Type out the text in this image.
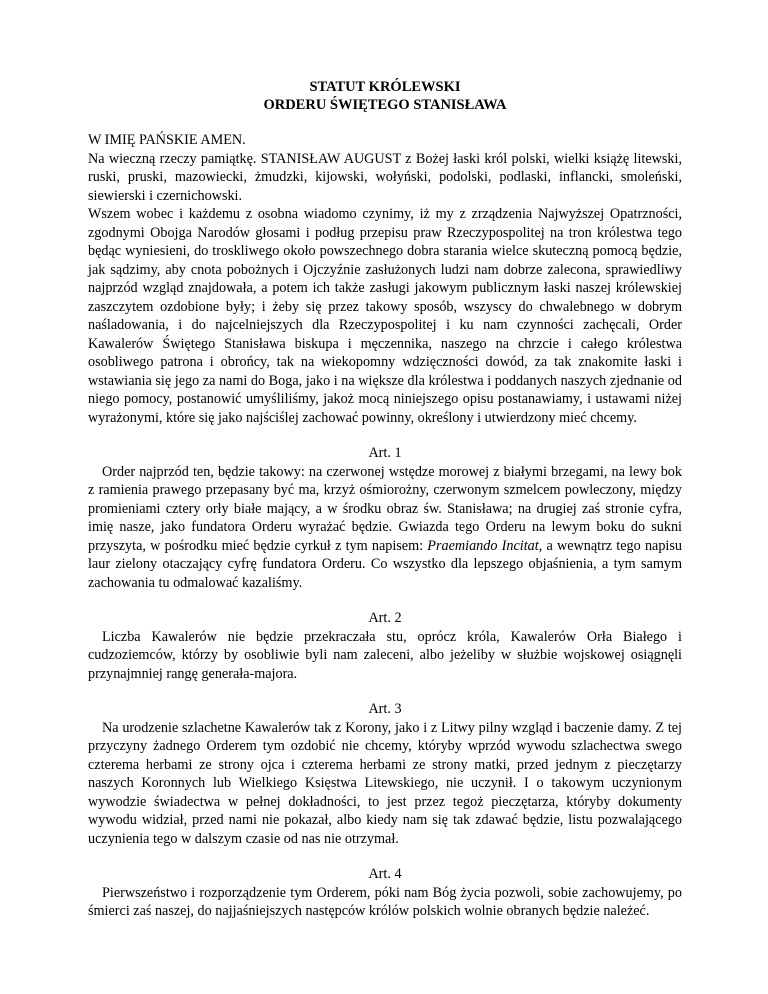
STATUT KRÓLEWSKI

ORDERU ŚWIĘTEGO STANISŁAWA

W IMIĘ PAŃSKIE AMEN.

Na wieczną rzeczy pamiątkę. STANISŁAW AUGUST z Bożej łaski król polski, wielki książę litewski, ruski, pruski, mazowiecki, żmudzki, kijowski, wołyński, podolski, podlaski, inflancki, smoleński, siewierski i czernichowski.

Wszem wobec i każdemu z osobna wiadomo czynimy, iż my z zrządzenia Najwyższej Opatrzności, zgodnymi Obojga Narodów głosami i podług przepisu praw Rzeczypospolitej na tron królestwa tego będąc wyniesieni, do troskliwego około powszechnego dobra starania wielce skuteczną pomocą będzie, jak sądzimy, aby cnota pobożnych i Ojczyźnie zasłużonych ludzi nam dobrze zalecona, sprawiedliwy najprzód wzgląd znajdowała, a potem ich także zasługi jakowym publicznym łaski naszej królewskiej zaszczytem ozdobione były; i żeby się przez takowy sposób, wszyscy do chwalebnego w dobrym naśladowania, i do najcelniejszych dla Rzeczypospolitej i ku nam czynności zachęcali, Order Kawalerów Świętego Stanisława biskupa i męczennika, naszego na chrzcie i całego królestwa osobliwego patrona i obrońcy, tak na wiekopomny wdzięczności dowód, za tak znakomite łaski i wstawiania się jego za nami do Boga, jako i na większe dla królestwa i poddanych naszych zjednanie od niego pomocy, postanowić umyśliliśmy, jakoż mocą niniejszego opisu postanawiamy, i ustawami niżej wyrażonymi, które się jako najściślej zachować powinny, określony i utwierdzony mieć chcemy.

Art. 1

Order najprzód ten, będzie takowy: na czerwonej wstędze morowej z białymi brzegami, na lewy bok z ramienia prawego przepasany być ma, krzyż ośmiorożny, czerwonym szmelcem powleczony, między promieniami cztery orły białe mający, a w środku obraz św. Stanisława; na drugiej zaś stronie cyfra, imię nasze, jako fundatora Orderu wyrażać będzie. Gwiazda tego Orderu na lewym boku do sukni przyszyta, w pośrodku mieć będzie cyrkuł z tym napisem: Praemiando Incitat, a wewnątrz tego napisu laur zielony otaczający cyfrę fundatora Orderu. Co wszystko dla lepszego objaśnienia, a tym samym zachowania tu odmalować kazaliśmy.

Art. 2

Liczba Kawalerów nie będzie przekraczała stu, oprócz króla, Kawalerów Orła Białego i cudzoziemców, którzy by osobliwie byli nam zaleceni, albo jeżeliby w służbie wojskowej osiągnęli przynajmniej rangę generała-majora.

Art. 3

Na urodzenie szlachetne Kawalerów tak z Korony, jako i z Litwy pilny wzgląd i baczenie damy. Z tej przyczyny żadnego Orderem tym ozdobić nie chcemy, któryby wprzód wywodu szlachectwa swego czterema herbami ze strony ojca i czterema herbami ze strony matki, przed jednym z pieczętarzy naszych Koronnych lub Wielkiego Księstwa Litewskiego, nie uczynił. I o takowym uczynionym wywodzie świadectwa w pełnej dokładności, to jest przez tegoż pieczętarza, któryby dokumenty wywodu widział, przed nami nie pokazał, albo kiedy nam się tak zdawać będzie, listu pozwalającego uczynienia tego w dalszym czasie od nas nie otrzymał.

Art. 4

Pierwszeństwo i rozporządzenie tym Orderem, póki nam Bóg życia pozwoli, sobie zachowujemy, po śmierci zaś naszej, do najjaśniejszych następców królów polskich wolnie obranych będzie należeć.
